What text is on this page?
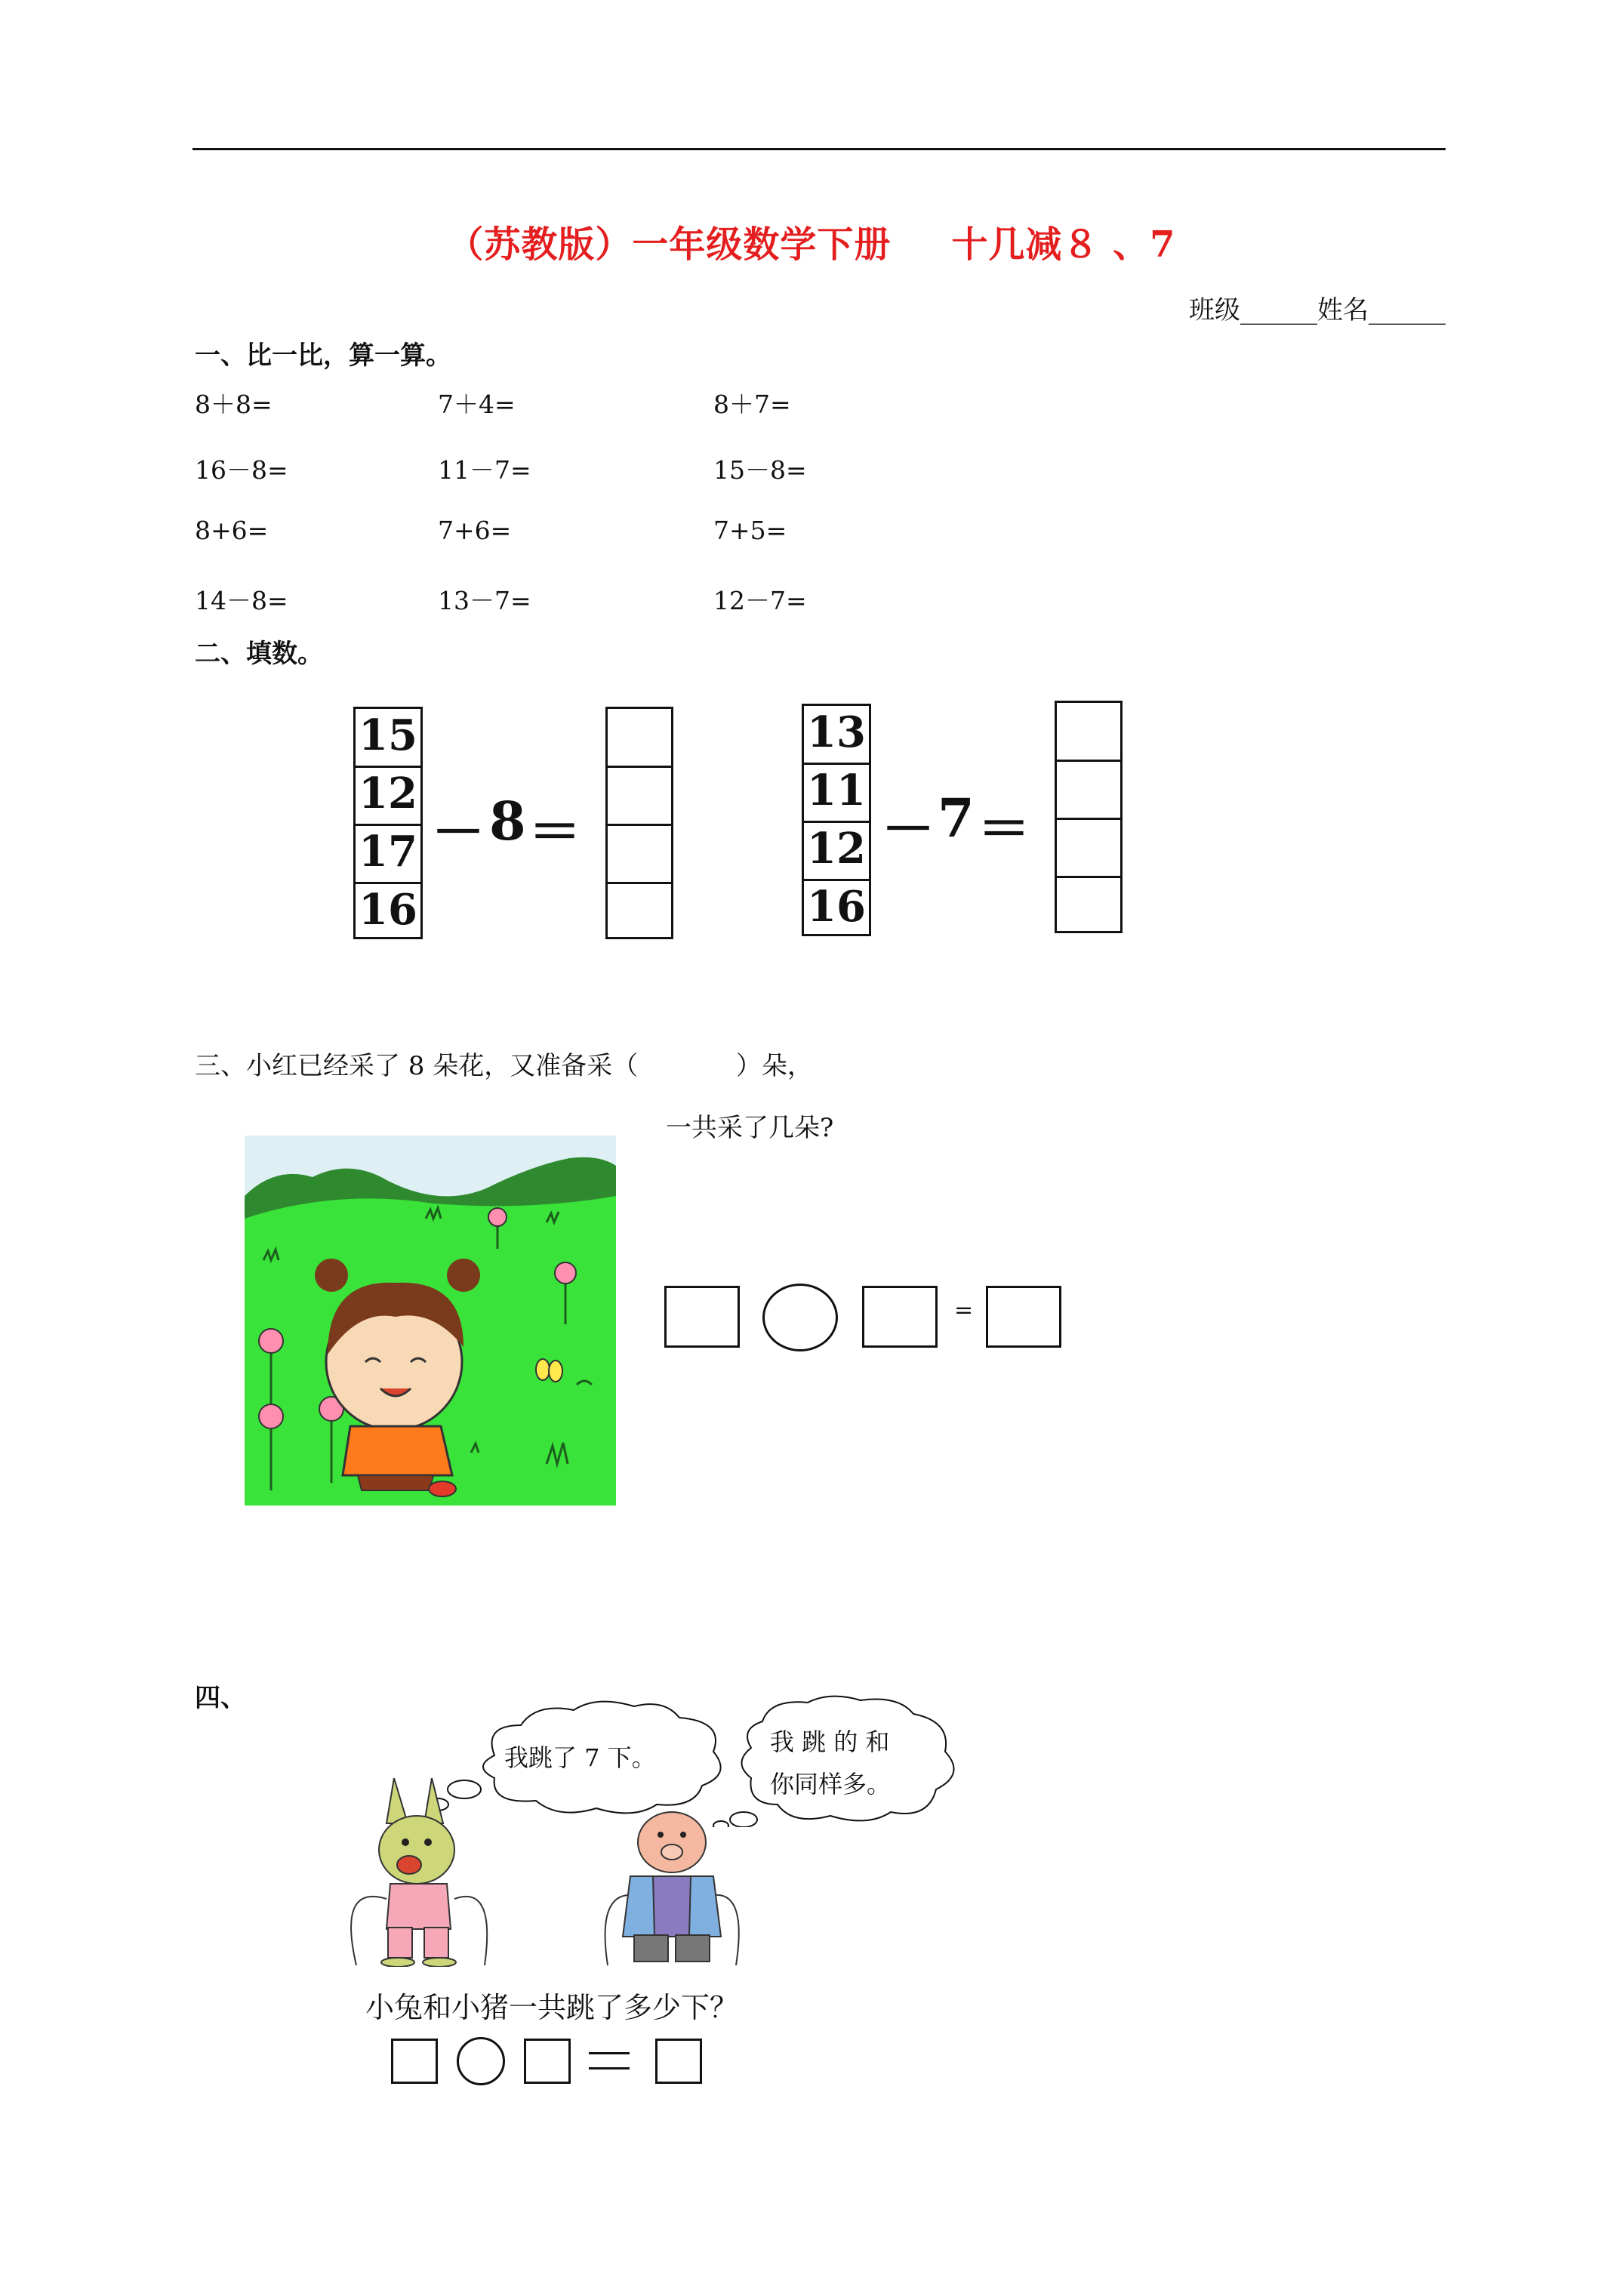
（苏教版）一年级数学下册 十几减８ 、7
班级______姓名______
一、比一比，算一算。
8＋8=	7＋4=	8＋7=
16－8=	11－7=	15－8=
8+6=	7+6=	7+5=
14－8=	13－7=	12－7=
二、填数。
15
12
17
16
－ 8 ＝
13
11
12
16
－ 7 ＝
三、小红已经采了 8 朵花，又准备采（            ）朵，
一共采了几朵?
=
四、
我跳了 7 下。
我 跳 的 和
你同样多。
小兔和小猪一共跳了多少下？
